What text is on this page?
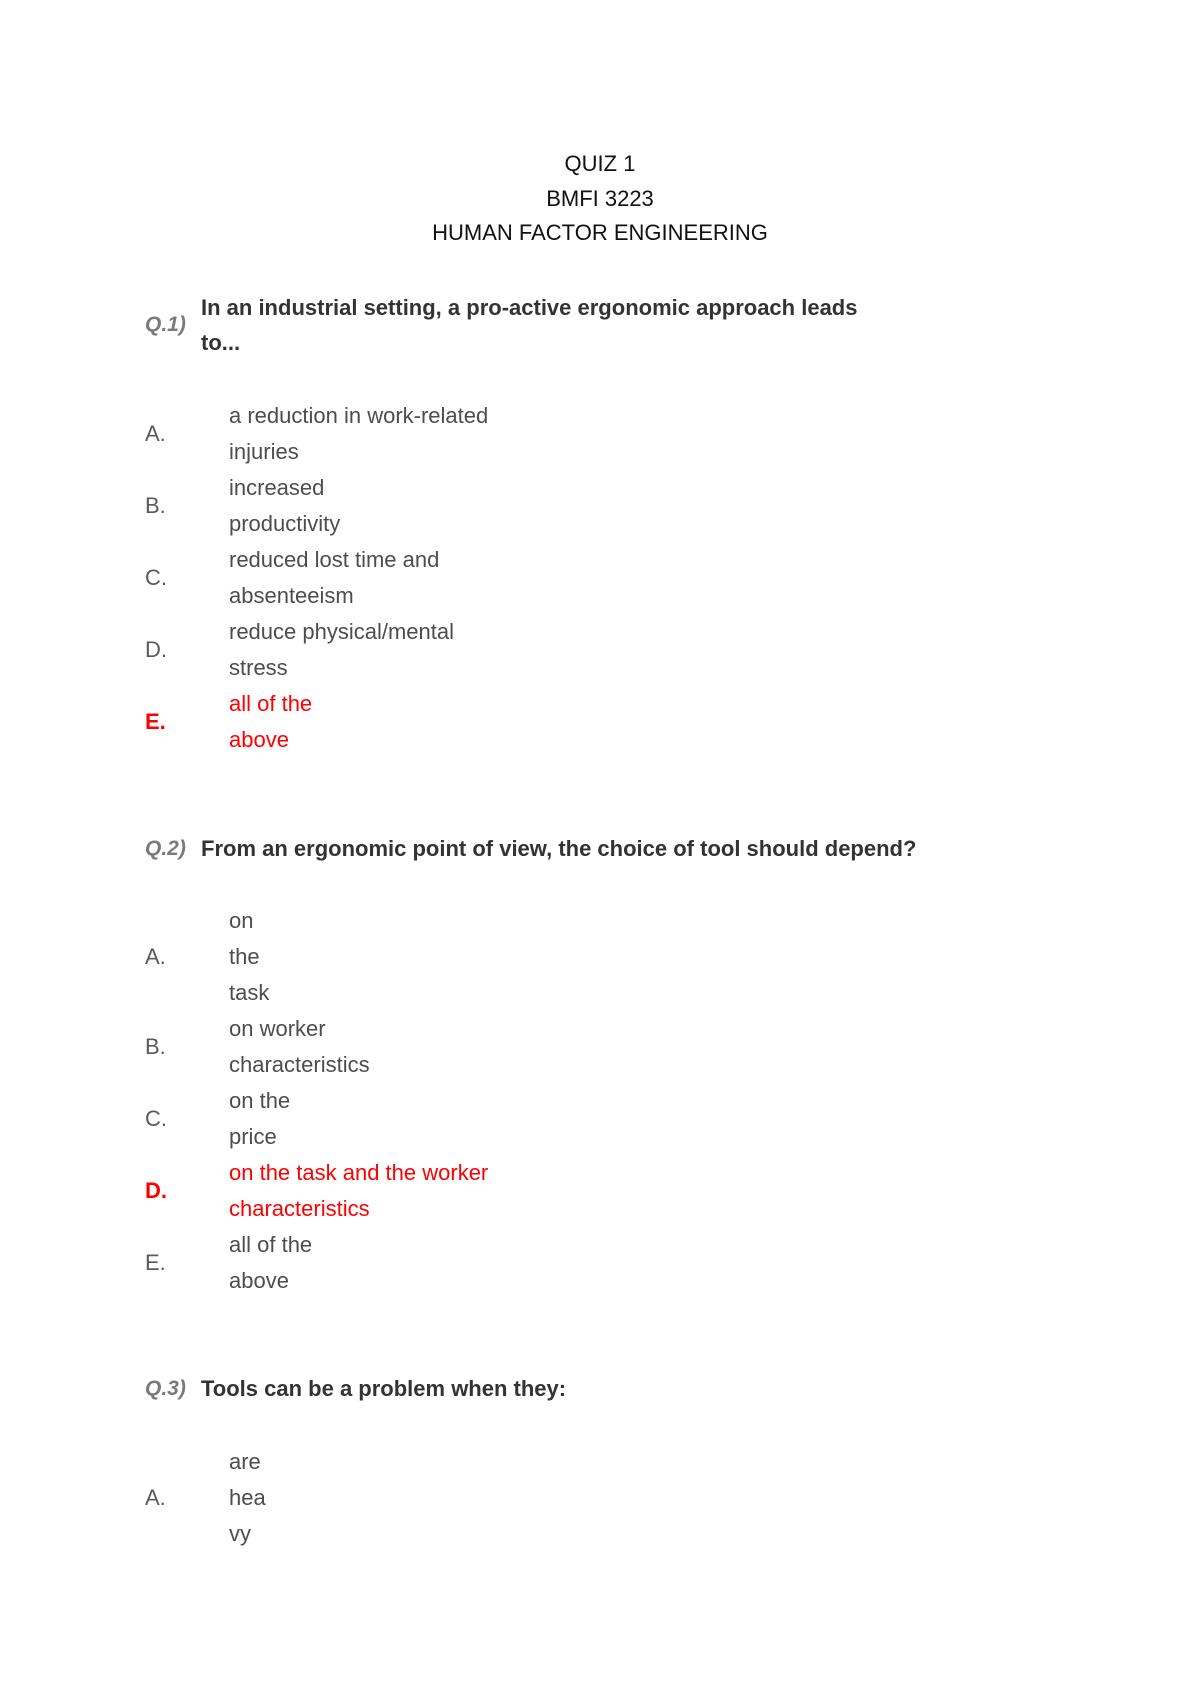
QUIZ 1
BMFI 3223
HUMAN FACTOR ENGINEERING
Q.1)
In an industrial setting, a pro-active ergonomic approach leads
to...
A.
a reduction in work-related
injuries
B.
increased
productivity
C.
reduced lost time and
absenteeism
D.
reduce physical/mental
stress
E.
all of the
above
Q.2) From an ergonomic point of view, the choice of tool should depend?
A.
on
the
task
B.
on worker
characteristics
C.
on the
price
D.
on the task and the worker
characteristics
E.
all of the
above
Q.3) Tools can be a problem when they:
A.
are
hea
vy
